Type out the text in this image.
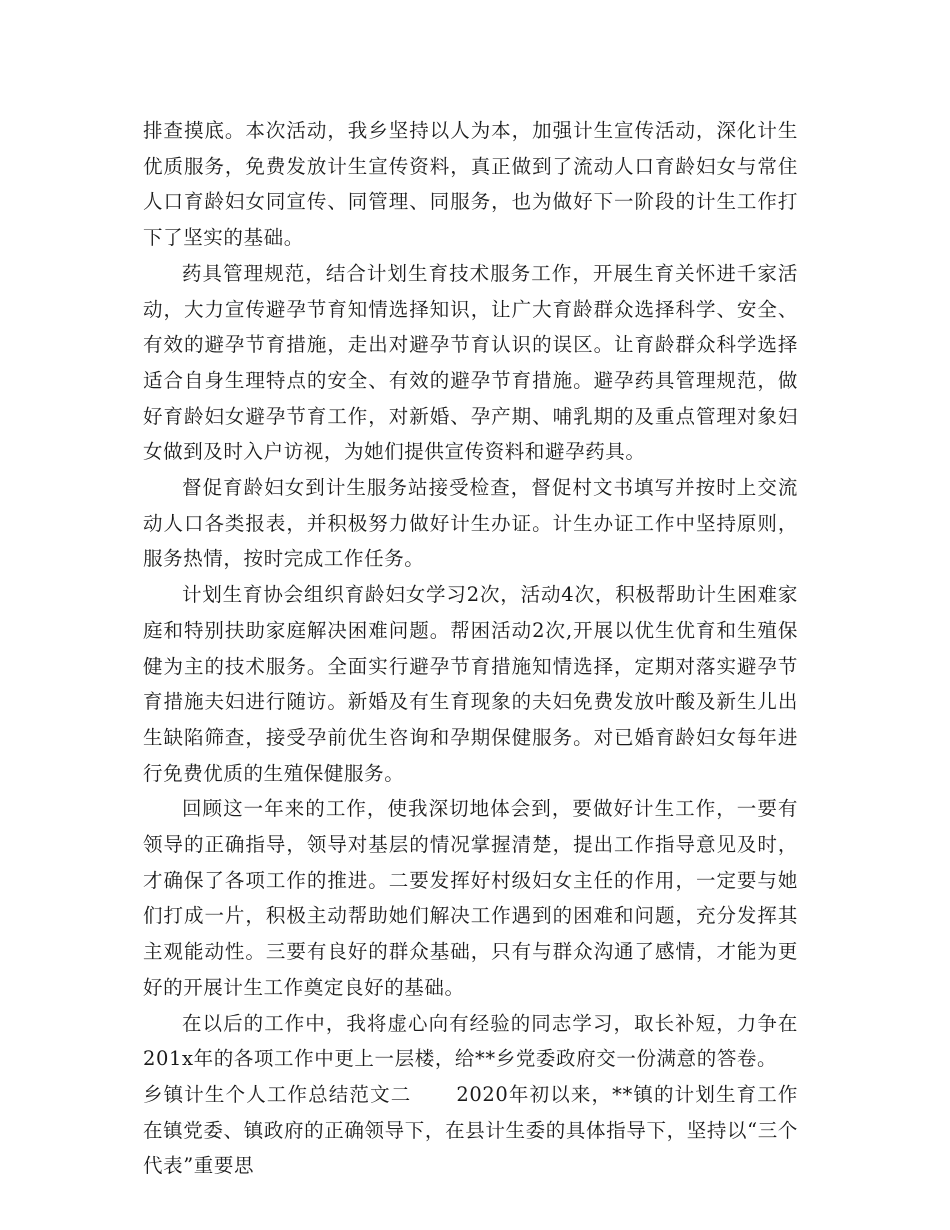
排查摸底。本次活动，我乡坚持以人为本，加强计生宣传活动，深化计生优质服务，免费发放计生宣传资料，真正做到了流动人口育龄妇女与常住人口育龄妇女同宣传、同管理、同服务，也为做好下一阶段的计生工作打下了坚实的基础。

药具管理规范，结合计划生育技术服务工作，开展生育关怀进千家活动，大力宣传避孕节育知情选择知识，让广大育龄群众选择科学、安全、有效的避孕节育措施，走出对避孕节育认识的误区。让育龄群众科学选择适合自身生理特点的安全、有效的避孕节育措施。避孕药具管理规范，做好育龄妇女避孕节育工作，对新婚、孕产期、哺乳期的及重点管理对象妇女做到及时入户访视，为她们提供宣传资料和避孕药具。

督促育龄妇女到计生服务站接受检查，督促村文书填写并按时上交流动人口各类报表，并积极努力做好计生办证。计生办证工作中坚持原则，服务热情，按时完成工作任务。

计划生育协会组织育龄妇女学习2次，活动4次，积极帮助计生困难家庭和特别扶助家庭解决困难问题。帮困活动2次,开展以优生优育和生殖保健为主的技术服务。全面实行避孕节育措施知情选择，定期对落实避孕节育措施夫妇进行随访。新婚及有生育现象的夫妇免费发放叶酸及新生儿出生缺陷筛查，接受孕前优生咨询和孕期保健服务。对已婚育龄妇女每年进行免费优质的生殖保健服务。

回顾这一年来的工作，使我深切地体会到，要做好计生工作，一要有领导的正确指导，领导对基层的情况掌握清楚，提出工作指导意见及时，才确保了各项工作的推进。二要发挥好村级妇女主任的作用，一定要与她们打成一片，积极主动帮助她们解决工作遇到的困难和问题，充分发挥其主观能动性。三要有良好的群众基础，只有与群众沟通了感情，才能为更好的开展计生工作奠定良好的基础。

在以后的工作中，我将虚心向有经验的同志学习，取长补短，力争在201x年的各项工作中更上一层楼，给**乡党委政府交一份满意的答卷。

乡镇计生个人工作总结范文二 2020年初以来，**镇的计划生育工作在镇党委、镇政府的正确领导下，在县计生委的具体指导下，坚持以“三个代表”重要思
